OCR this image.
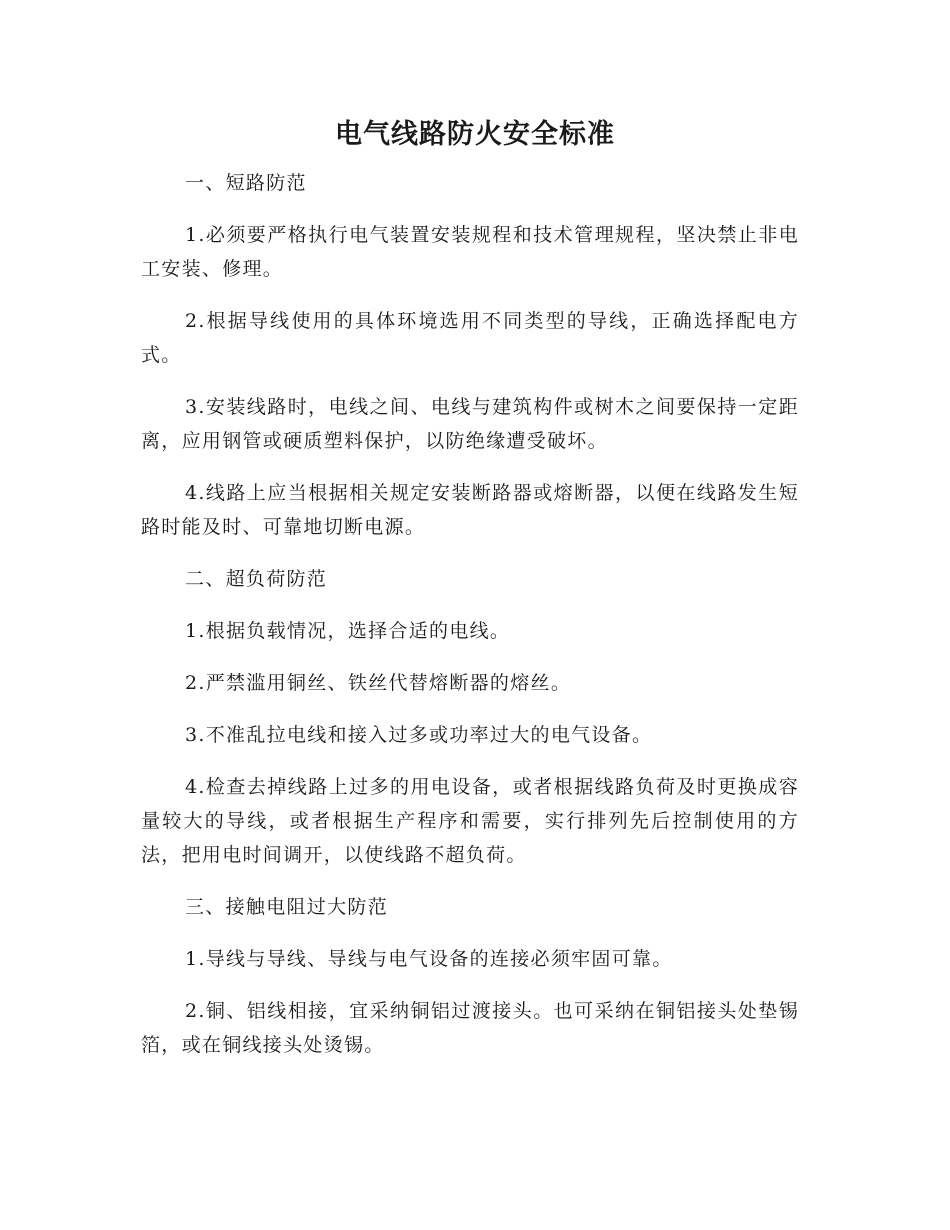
电气线路防火安全标准

一、短路防范

1.必须要严格执行电气装置安装规程和技术管理规程，坚决禁止非电工安装、修理。

2.根据导线使用的具体环境选用不同类型的导线，正确选择配电方式。

3.安装线路时，电线之间、电线与建筑构件或树木之间要保持一定距离，应用钢管或硬质塑料保护，以防绝缘遭受破坏。

4.线路上应当根据相关规定安装断路器或熔断器，以便在线路发生短路时能及时、可靠地切断电源。

二、超负荷防范

1.根据负载情况，选择合适的电线。

2.严禁滥用铜丝、铁丝代替熔断器的熔丝。

3.不准乱拉电线和接入过多或功率过大的电气设备。

4.检查去掉线路上过多的用电设备，或者根据线路负荷及时更换成容量较大的导线，或者根据生产程序和需要，实行排列先后控制使用的方法，把用电时间调开，以使线路不超负荷。

三、接触电阻过大防范

1.导线与导线、导线与电气设备的连接必须牢固可靠。

2.铜、铝线相接，宜采纳铜铝过渡接头。也可采纳在铜铝接头处垫锡箔，或在铜线接头处烫锡。
